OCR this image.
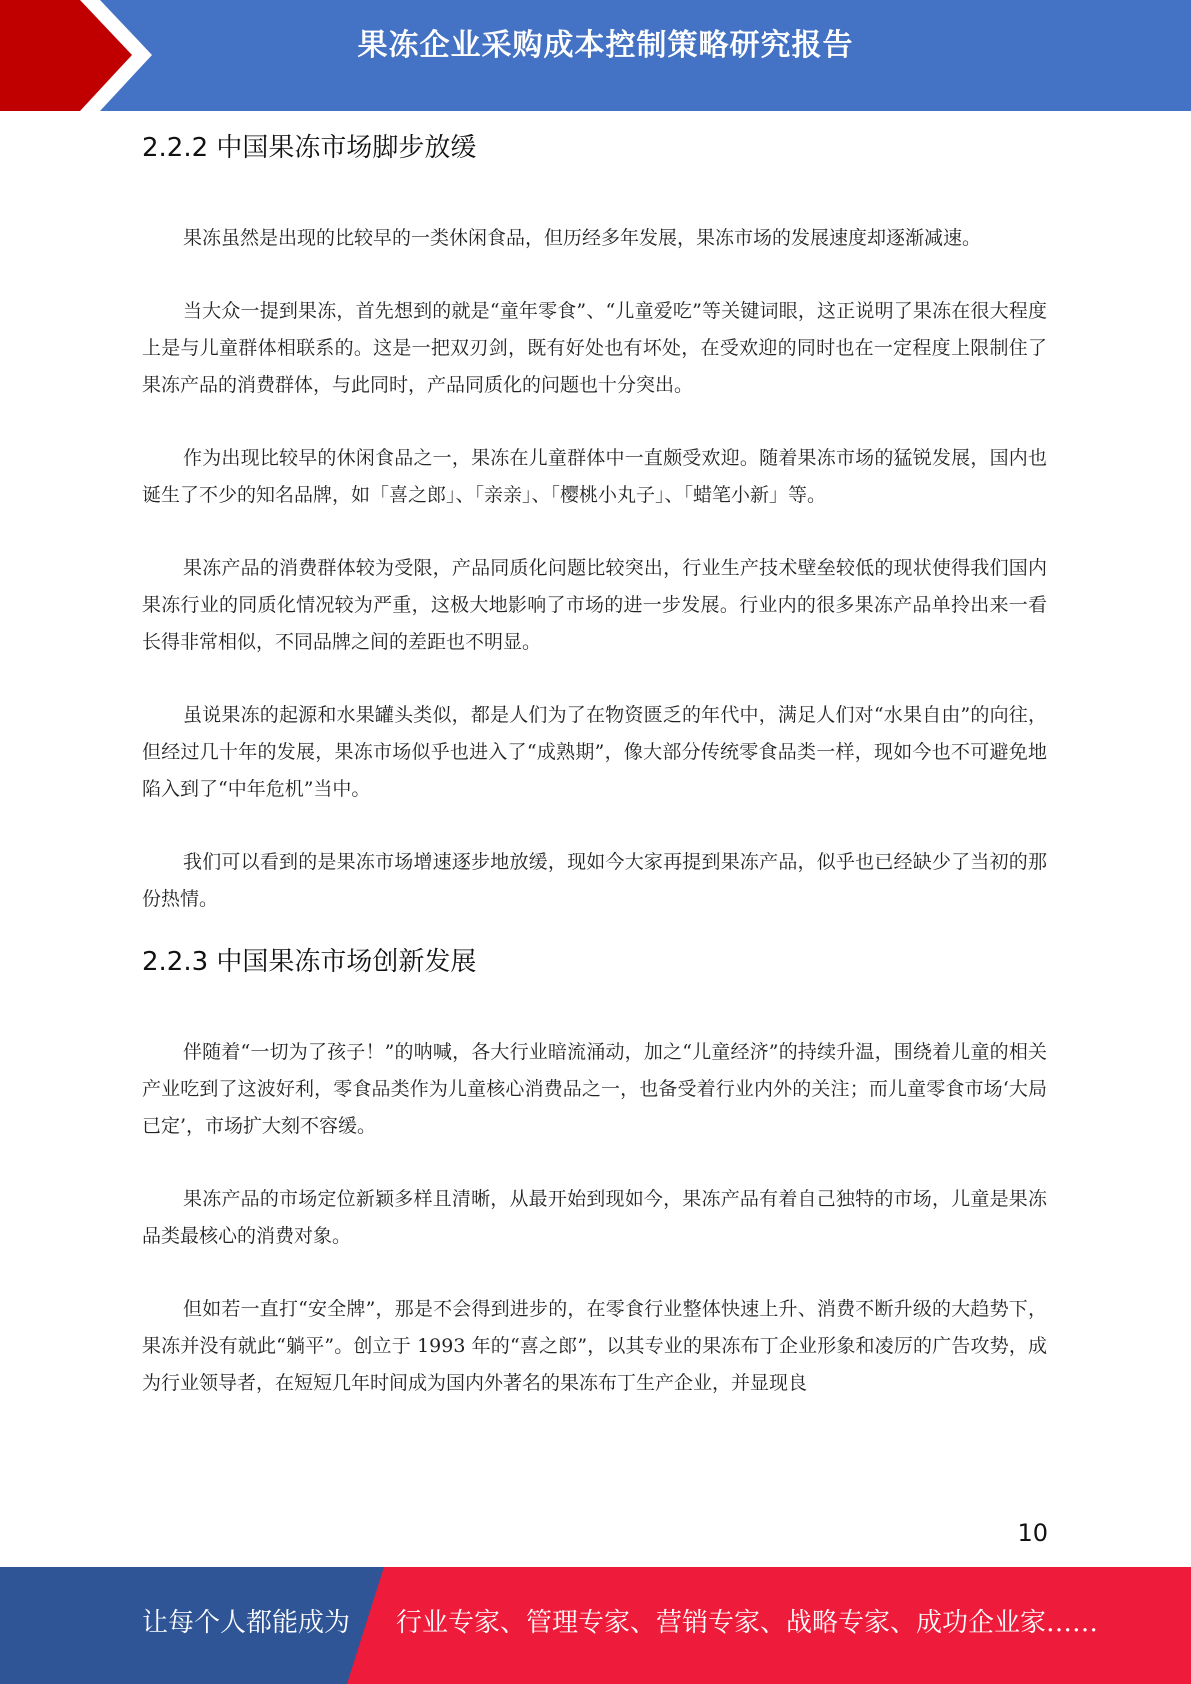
果冻企业采购成本控制策略研究报告
2.2.2 中国果冻市场脚步放缓

果冻虽然是出现的比较早的一类休闲食品，但历经多年发展，果冻市场的发展速度却逐渐减速。

当大众一提到果冻，首先想到的就是“童年零食”、“儿童爱吃”等关键词眼，这正说明了果冻在很大程度上是与儿童群体相联系的。这是一把双刃剑，既有好处也有坏处，在受欢迎的同时也在一定程度上限制住了果冻产品的消费群体，与此同时，产品同质化的问题也十分突出。

作为出现比较早的休闲食品之一，果冻在儿童群体中一直颇受欢迎。随着果冻市场的猛锐发展，国内也诞生了不少的知名品牌，如「喜之郎」、「亲亲」、「樱桃小丸子」、「蜡笔小新」等。

果冻产品的消费群体较为受限，产品同质化问题比较突出，行业生产技术壁垒较低的现状使得我们国内果冻行业的同质化情况较为严重，这极大地影响了市场的进一步发展。行业内的很多果冻产品单拎出来一看长得非常相似，不同品牌之间的差距也不明显。

虽说果冻的起源和水果罐头类似，都是人们为了在物资匮乏的年代中，满足人们对“水果自由”的向往，但经过几十年的发展，果冻市场似乎也进入了“成熟期”，像大部分传统零食品类一样，现如今也不可避免地陷入到了“中年危机”当中。

我们可以看到的是果冻市场增速逐步地放缓，现如今大家再提到果冻产品，似乎也已经缺少了当初的那份热情。

2.2.3 中国果冻市场创新发展

伴随着“一切为了孩子！”的呐喊，各大行业暗流涌动，加之“儿童经济”的持续升温，围绕着儿童的相关产业吃到了这波好利，零食品类作为儿童核心消费品之一，也备受着行业内外的关注；而儿童零食市场‘大局已定’，市场扩大刻不容缓。

果冻产品的市场定位新颖多样且清晰，从最开始到现如今，果冻产品有着自己独特的市场，儿童是果冻品类最核心的消费对象。

但如若一直打“安全牌”，那是不会得到进步的，在零食行业整体快速上升、消费不断升级的大趋势下，果冻并没有就此“躺平”。创立于 1993 年的“喜之郎”，以其专业的果冻布丁企业形象和凌厉的广告攻势，成为行业领导者，在短短几年时间成为国内外著名的果冻布丁生产企业，并显现良

10
让每个人都能成为 行业专家、管理专家、营销专家、战略专家、成功企业家……
